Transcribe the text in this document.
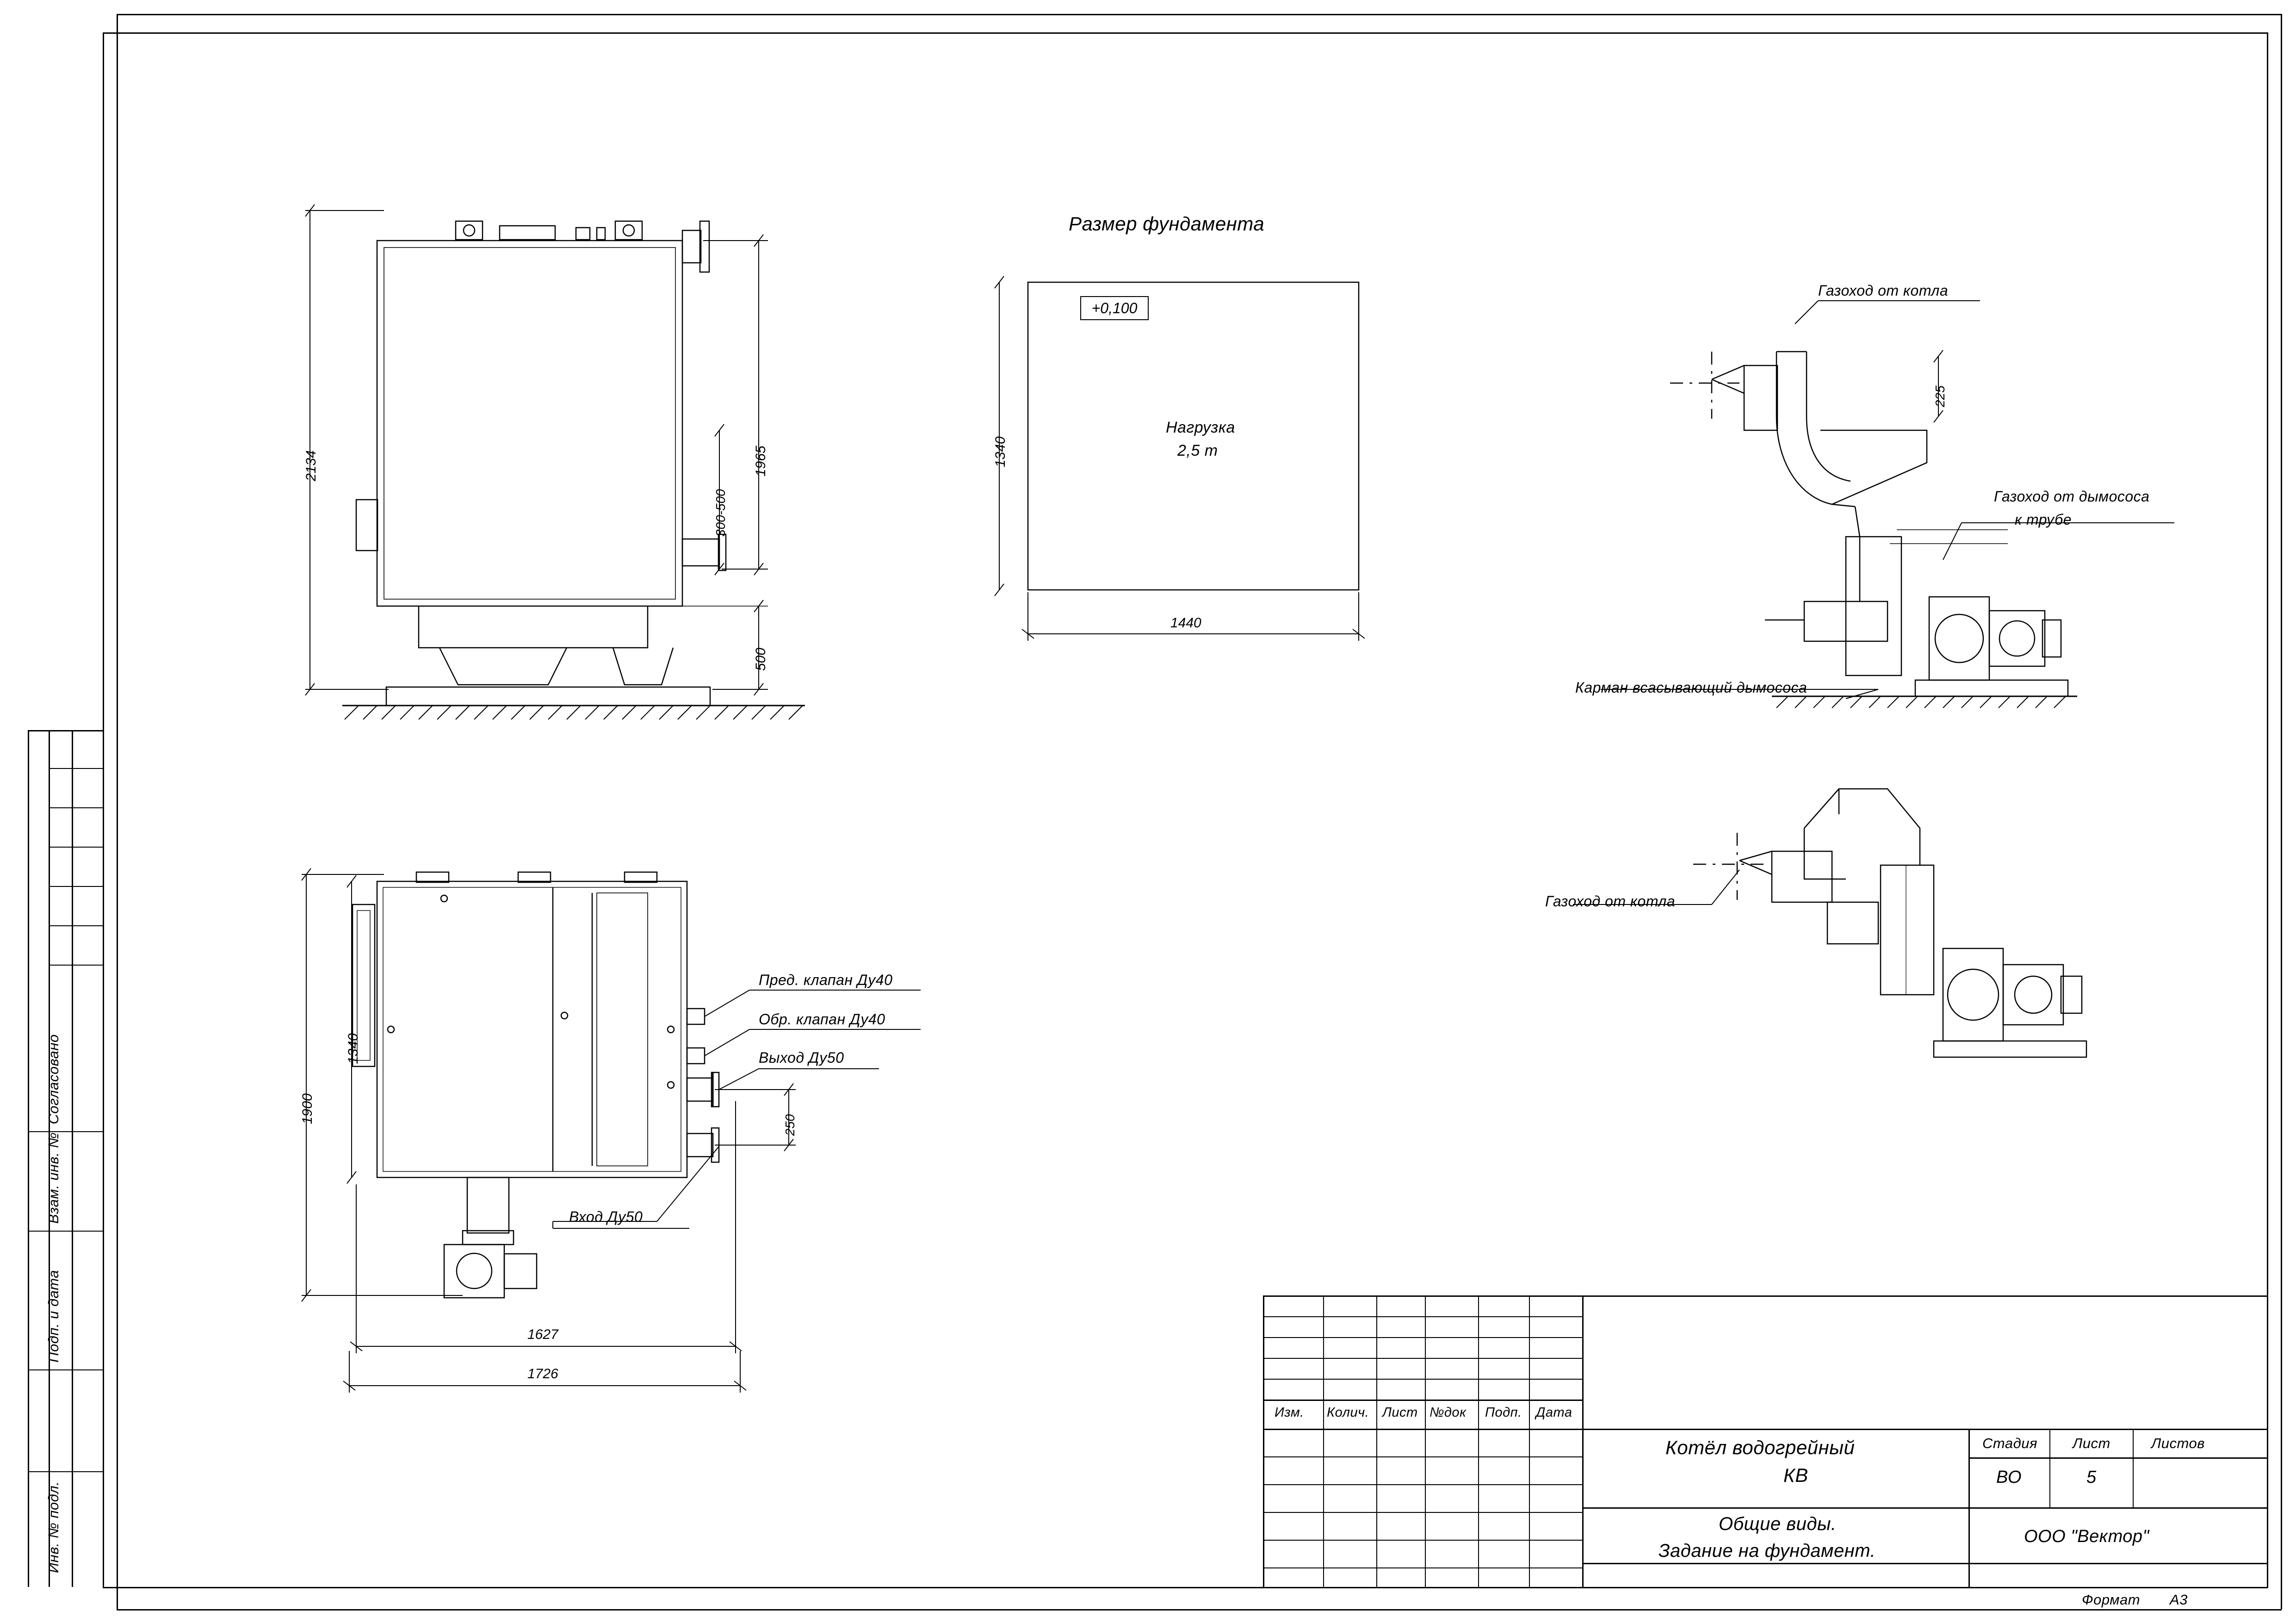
Согласовано
Взам. инв. №
Подп. и дата
Инв. № подл.
2134
300-500
1965
500
1900
1340
1627
1726
250
Пред. клапан Ду40
Обр. клапан Ду40
Выход Ду50
Вход Ду50
Размер фундамента
+0,100
Нагрузка
2,5 т
1340
1440
Газоход от котла
Газоход от дымососа
к трубе
Карман всасывающий дымососа
225
Газоход от котла
Изм. Колич. Лист №док Подп. Дата
Котёл водогрейный
КВ
Общие виды.
Задание на фундамент.
Стадия Лист	Листов
ВО	5
ООО "Вектор"
Формат А3
